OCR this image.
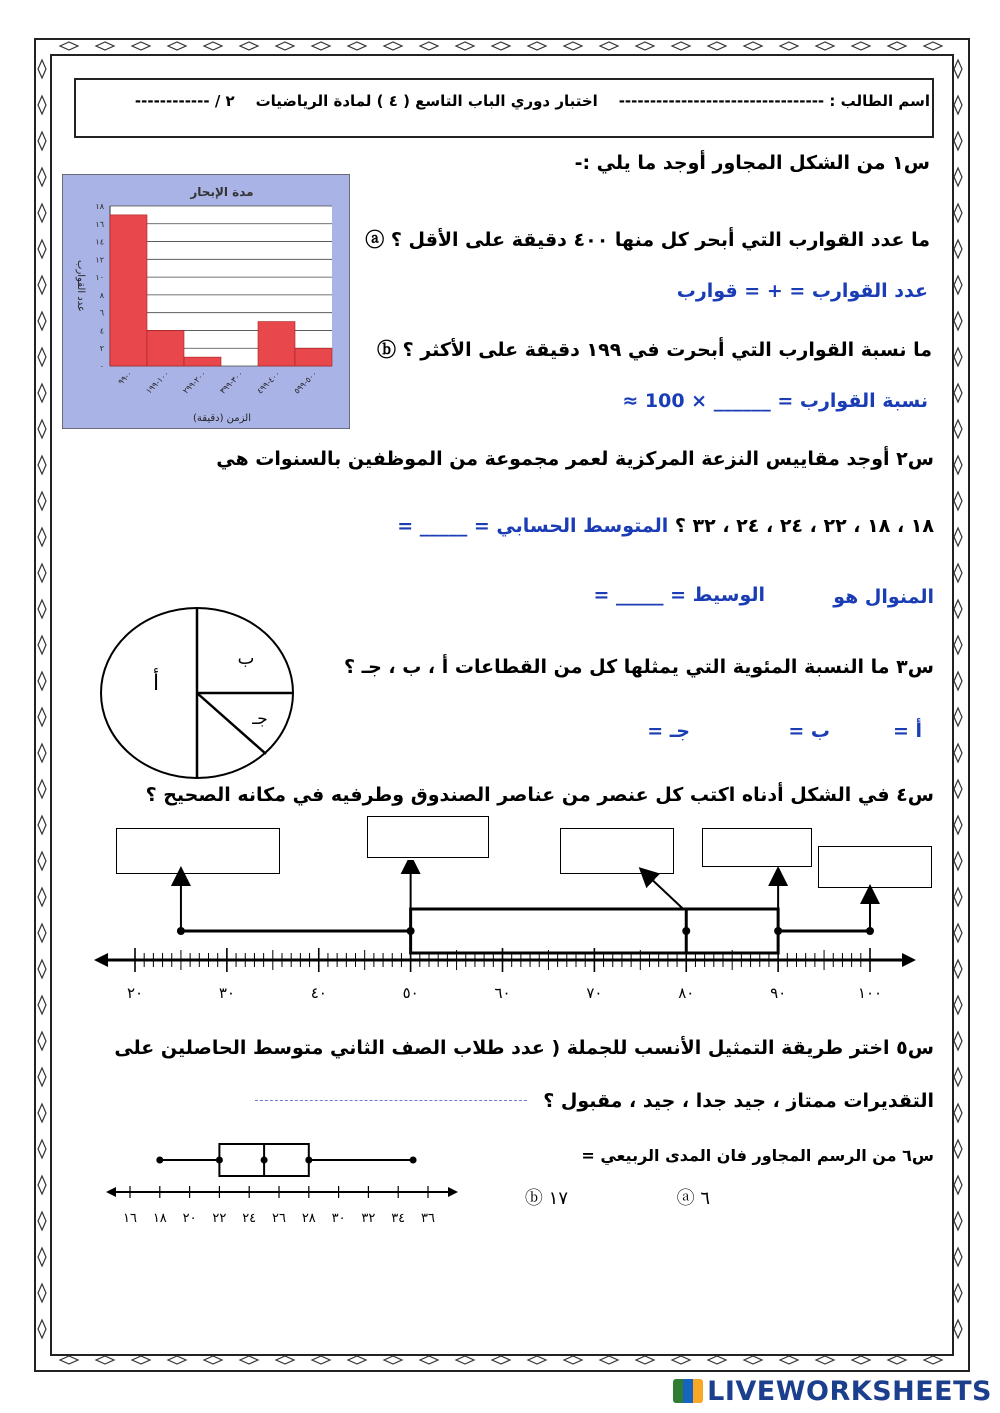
اسم الطالب : ---------------------------------    اختبار دوري الباب التاسع ( ٤ ) لمادة الرياضيات    ٢ / ------------
س١ من الشكل المجاور أوجد ما يلي :-
ⓐ ما عدد القوارب التي أبحر كل منها ٤٠٠ دقيقة على الأقل ؟
عدد القوارب = + = قوارب
ⓑ ما نسبة القوارب التي أبحرت في ١٩٩ دقيقة على الأكثر ؟
نسبة القوارب = ______ × 100 ≈
مدة الإبحار
٠
٢
٤
٦
٨
١٠
١٢
١٤
١٦
١٨
٠-٩٩
١٠٠-١٩٩
٢٠٠-٢٩٩
٣٠٠-٣٩٩
٤٠٠-٤٩٩
٥٠٠-٥٩٩
الزمن (دقيقة)
عدد القوارب
س٢ أوجد مقاييس النزعة المركزية لعمر مجموعة من الموظفين بالسنوات هي
١٨ ، ١٨ ، ٢٢ ، ٢٤ ، ٢٤ ، ٣٢ ؟ المتوسط الحسابي = _____ =
المنوال هو
الوسيط = _____ =
س٣ ما النسبة المئوية التي يمثلها كل من القطاعات أ ، ب ، جـ ؟
أ =
ب =
جـ =
أ
ب
جـ
س٤ في الشكل أدناه اكتب كل عنصر من عناصر الصندوق وطرفيه في مكانه الصحيح ؟
٢٠	٣٠	٤٠	٥٠	٦٠	٧٠	٨٠	٩٠	١٠٠
س٥ اختر طريقة التمثيل الأنسب للجملة ( عدد طلاب الصف الثاني متوسط الحاصلين على
التقديرات ممتاز ، جيد جدا ، جيد ، مقبول ؟
س٦ من الرسم المجاور فان المدى الربيعي =
ⓐ ٦
ⓑ ١٧
١٦ ١٨ ٢٠ ٢٢ ٢٤ ٢٦ ٢٨ ٣٠ ٣٢ ٣٤ ٣٦
LIVEWORKSHEETS
